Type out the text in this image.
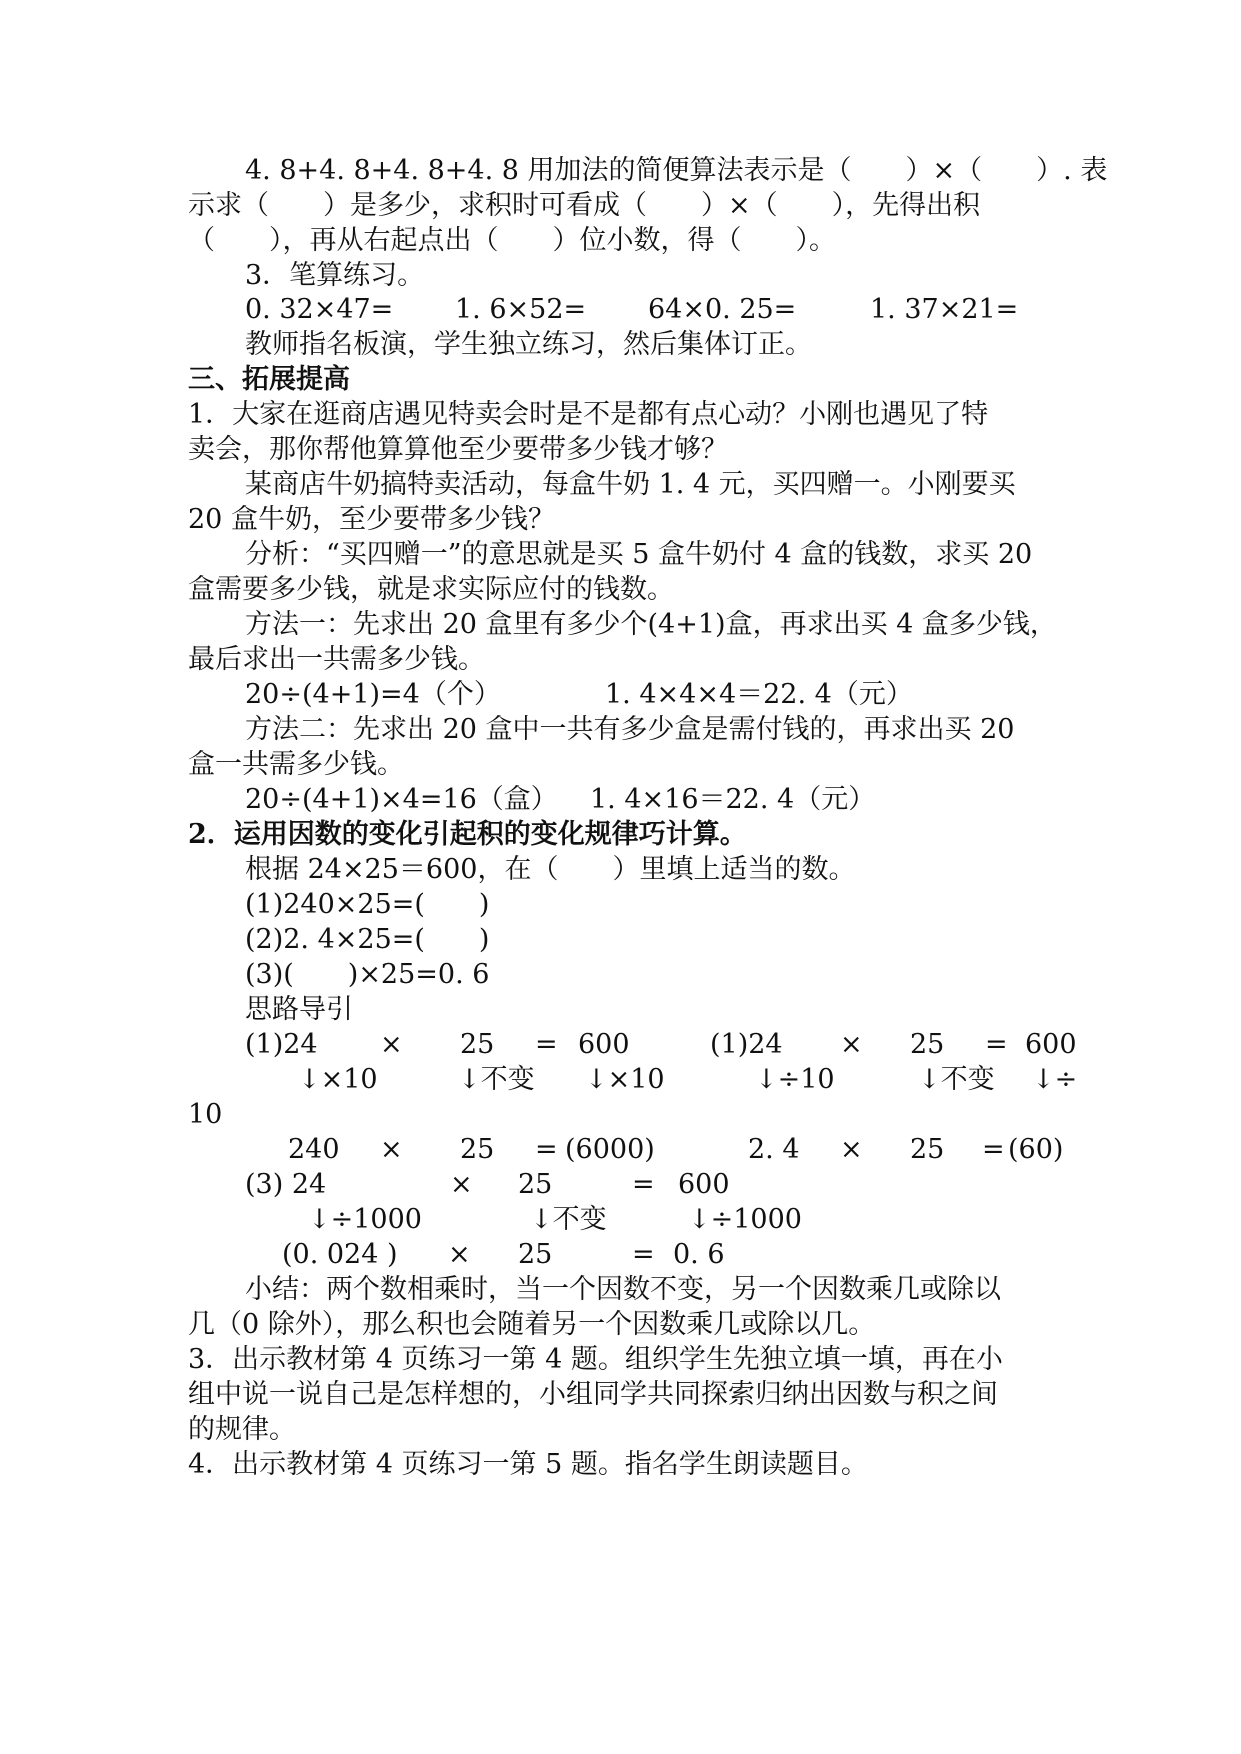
4. 8+4. 8+4. 8+4. 8 用加法的简便算法表示是（　　）×（　　）. 表
示求（　　）是多少，求积时可看成（　　）×（　　），先得出积
（　　），再从右起点出（　　）位小数，得（　　）。
3．笔算练习。
0. 32×47= 1. 6×52= 64×0. 25=	1. 37×21=
教师指名板演，学生独立练习，然后集体订正。
三、拓展提高
1．大家在逛商店遇见特卖会时是不是都有点心动？小刚也遇见了特
卖会，那你帮他算算他至少要带多少钱才够？
某商店牛奶搞特卖活动，每盒牛奶 1. 4 元，买四赠一。小刚要买
20 盒牛奶，至少要带多少钱？
分析：“买四赠一”的意思就是买 5 盒牛奶付 4 盒的钱数，求买 20
盒需要多少钱，就是求实际应付的钱数。
方法一：先求出 20 盒里有多少个(4+1)盒，再求出买 4 盒多少钱，
最后求出一共需多少钱。
20÷(4+1)=4（个）	1. 4×4×4＝22. 4（元）
方法二：先求出 20 盒中一共有多少盒是需付钱的，再求出买 20
盒一共需多少钱。
20÷(4+1)×4=16（盒） 1. 4×16＝22. 4（元）
2．运用因数的变化引起积的变化规律巧计算。
根据 24×25＝600，在（　　）里填上适当的数。
(1)240×25=(　　)
(2)2. 4×25=(　　)
(3)(　　)×25=0. 6
思路导引
(1)24 × 25 = 600	(1)24 × 25 = 600
↓×10	↓不变 ↓×10	↓÷10	↓不变 ↓÷
10
240 × 25 = (6000)	2. 4 × 25 = (60)
(3) 24	× 25	= 600
↓÷1000	↓不变	↓÷1000
(0. 024 ) × 25	= 0. 6
小结：两个数相乘时，当一个因数不变，另一个因数乘几或除以
几（0 除外），那么积也会随着另一个因数乘几或除以几。
3．出示教材第 4 页练习一第 4 题。组织学生先独立填一填，再在小
组中说一说自己是怎样想的，小组同学共同探索归纳出因数与积之间
的规律。
4．出示教材第 4 页练习一第 5 题。指名学生朗读题目。
